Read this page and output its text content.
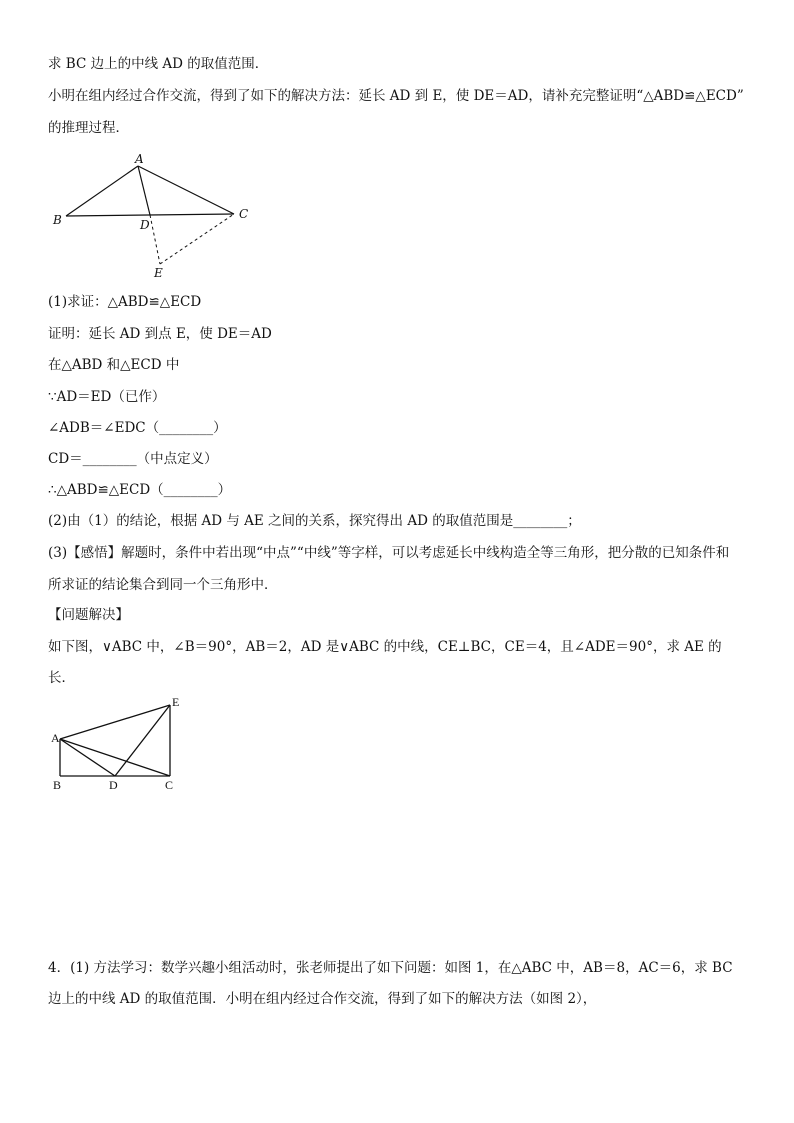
求 BC 边上的中线 AD 的取值范围．
小明在组内经过合作交流，得到了如下的解决方法：延长 AD 到 E，使 DE＝AD，请补充完整证明“△ABD≌△ECD”
的推理过程．
A
B	C
D
E
(1)求证：△ABD≌△ECD
证明：延长 AD 到点 E，使 DE＝AD
在△ABD 和△ECD 中
∵AD＝ED（已作）
∠ADB＝∠EDC（________）
CD＝________（中点定义）
∴△ABD≌△ECD（________）
(2)由（1）的结论，根据 AD 与 AE 之间的关系，探究得出 AD 的取值范围是________；
(3)【感悟】解题时，条件中若出现“中点”“中线”等字样，可以考虑延长中线构造全等三角形，把分散的已知条件和
所求证的结论集合到同一个三角形中．
【问题解决】
如下图，∨ABC 中，∠B＝90°，AB＝2，AD 是∨ABC 的中线，CE⊥BC，CE＝4，且∠ADE＝90°，求 AE 的
长．
A
B	C
D
E
4．(1) 方法学习：数学兴趣小组活动时，张老师提出了如下问题：如图 1，在△ABC 中，AB＝8，AC＝6，求 BC
边上的中线 AD 的取值范围．小明在组内经过合作交流，得到了如下的解决方法（如图 2），
